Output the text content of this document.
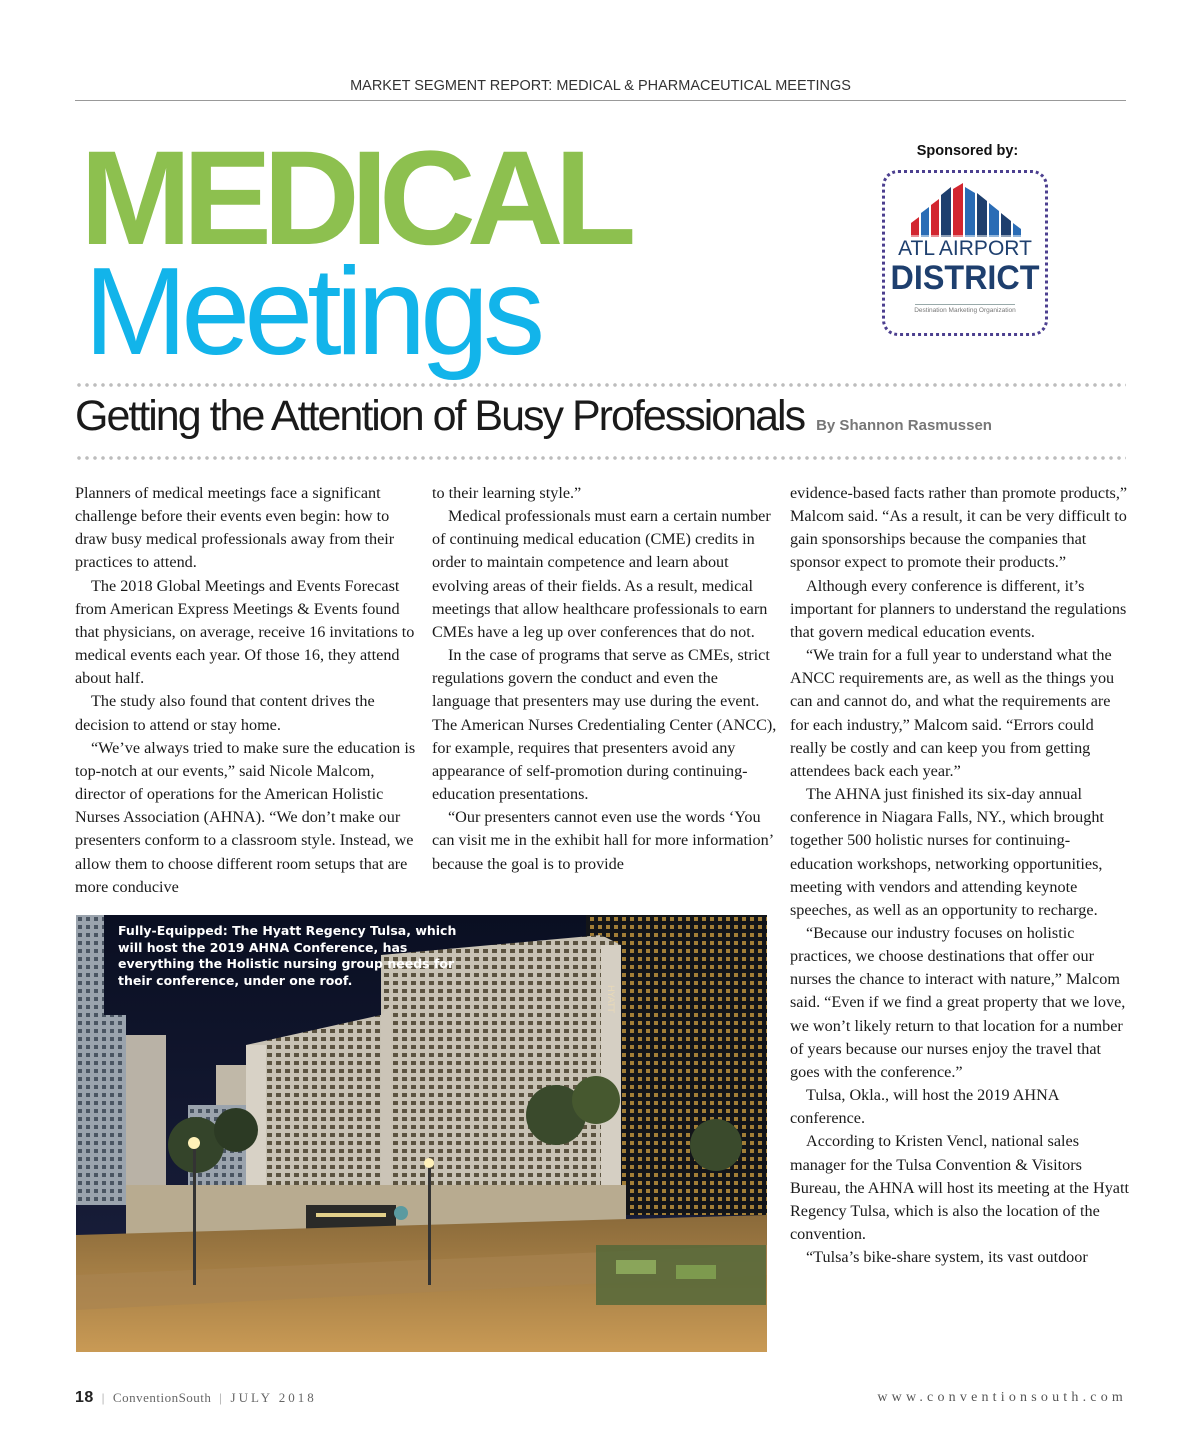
MARKET SEGMENT REPORT: MEDICAL & PHARMACEUTICAL MEETINGS
MEDICAL
Meetings
Getting the Attention of Busy Professionals By Shannon Rasmussen
Sponsored by:
ATL AIRPORT
DISTRICT
Destination Marketing Organization

Planners of medical meetings face a significant challenge before their events even begin: how to draw busy medical professionals away from their practices to attend.

The 2018 Global Meetings and Events Forecast from American Express Meetings & Events found that physicians, on average, receive 16 invitations to medical events each year. Of those 16, they attend about half.

The study also found that content drives the decision to attend or stay home.

“We’ve always tried to make sure the education is top-notch at our events,” said Nicole Malcom, director of operations for the American Holistic Nurses Association (AHNA). “We don’t make our presenters conform to a classroom style. Instead, we allow them to choose different room setups that are more conducive

to their learning style.”

Medical professionals must earn a certain number of continuing medical education (CME) credits in order to maintain competence and learn about evolving areas of their fields. As a result, medical meetings that allow healthcare professionals to earn CMEs have a leg up over conferences that do not.

In the case of programs that serve as CMEs, strict regulations govern the conduct and even the language that presenters may use during the event. The American Nurses Credentialing Center (ANCC), for example, requires that presenters avoid any appearance of self-promotion during continuing-education presentations.

“Our presenters cannot even use the words ‘You can visit me in the exhibit hall for more information’ because the goal is to provide

evidence-based facts rather than promote products,” Malcom said. “As a result, it can be very difficult to gain sponsorships because the companies that sponsor expect to promote their products.”

Although every conference is different, it’s important for planners to understand the regulations that govern medical education events.

“We train for a full year to understand what the ANCC requirements are, as well as the things you can and cannot do, and what the requirements are for each industry,” Malcom said. “Errors could really be costly and can keep you from getting attendees back each year.”

The AHNA just finished its six-day annual conference in Niagara Falls, NY., which brought together 500 holistic nurses for continuing-education workshops, networking opportunities, meeting with vendors and attending keynote speeches, as well as an opportunity to recharge.

“Because our industry focuses on holistic practices, we choose destinations that offer our nurses the chance to interact with nature,” Malcom said. “Even if we find a great property that we love, we won’t likely return to that location for a number of years because our nurses enjoy the travel that goes with the conference.”

Tulsa, Okla., will host the 2019 AHNA conference.

According to Kristen Vencl, national sales manager for the Tulsa Convention & Visitors Bureau, the AHNA will host its meeting at the Hyatt Regency Tulsa, which is also the location of the convention.

“Tulsa’s bike-share system, its vast outdoor

HYATT
Fully-Equipped: The Hyatt Regency Tulsa, which will host the 2019 AHNA Conference, has everything the Holistic nursing group needs for their conference, under one roof.
18 | ConventionSouth | JULY 2018	www.conventionsouth.com
